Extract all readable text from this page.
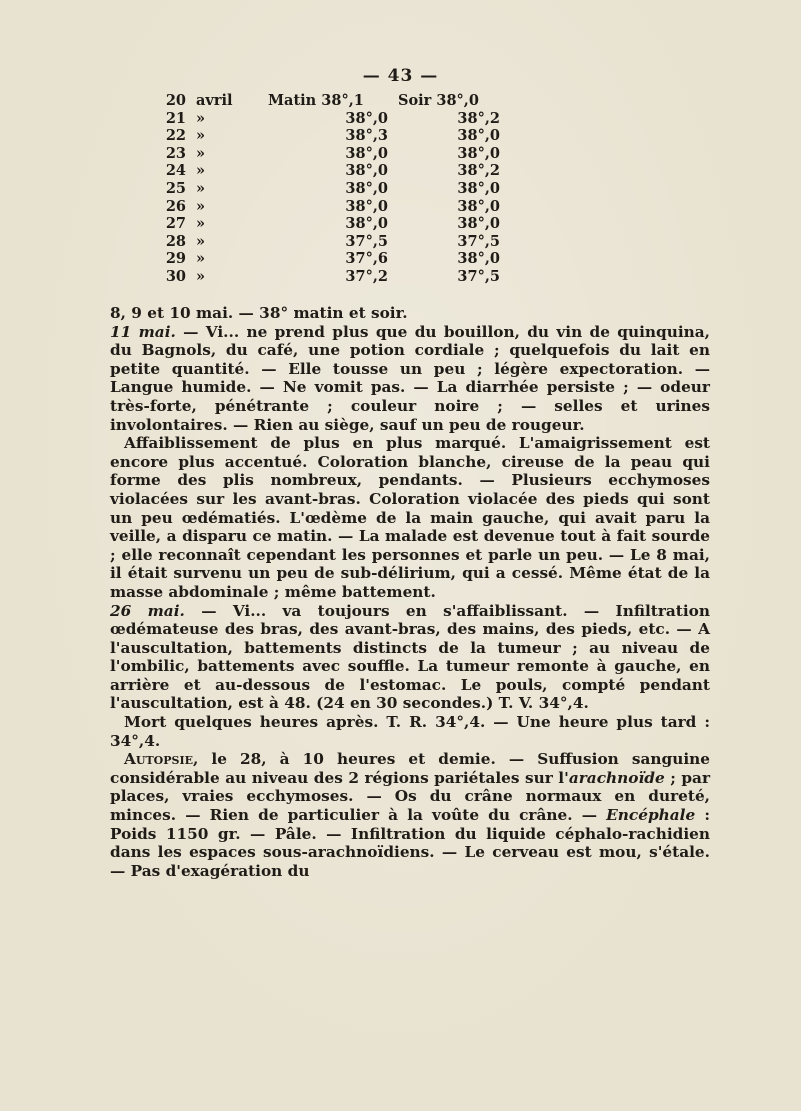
— 43 —
20 avril Matin 38°,1 Soir 38°,0
21 »	38°,0	38°,2
22 »	38°,3	38°,0
23 »	38°,0	38°,0
24 »	38°,0	38°,2
25 »	38°,0	38°,0
26 »	38°,0	38°,0
27 »	38°,0	38°,0
28 »	37°,5	37°,5
29 »	37°,6	38°,0
30 »	37°,2	37°,5

8, 9 et 10 mai. — 38° matin et soir.

11 mai. — Vi... ne prend plus que du bouillon, du vin de quinquina, du Bagnols, du café, une potion cordiale ; quelquefois du lait en petite quantité. — Elle tousse un peu ; légère expectoration. — Langue humide. — Ne vomit pas. — La diarrhée persiste ; — odeur très-forte, pénétrante ; couleur noire ; — selles et urines involontaires. — Rien au siège, sauf un peu de rougeur.

Affaiblissement de plus en plus marqué. L'amaigrissement est encore plus accentué. Coloration blanche, cireuse de la peau qui forme des plis nombreux, pendants. — Plusieurs ecchymoses violacées sur les avant-bras. Coloration violacée des pieds qui sont un peu œdématiés. L'œdème de la main gauche, qui avait paru la veille, a disparu ce matin. — La malade est devenue tout à fait sourde ; elle reconnaît cependant les personnes et parle un peu. — Le 8 mai, il était survenu un peu de sub-délirium, qui a cessé. Même état de la masse abdominale ; même battement.

26 mai. — Vi... va toujours en s'affaiblissant. — Infiltration œdémateuse des bras, des avant-bras, des mains, des pieds, etc. — A l'auscultation, battements distincts de la tumeur ; au niveau de l'ombilic, battements avec souffle. La tumeur remonte à gauche, en arrière et au-dessous de l'estomac. Le pouls, compté pendant l'auscultation, est à 48. (24 en 30 secondes.) T. V. 34°,4.

Mort quelques heures après. T. R. 34°,4. — Une heure plus tard : 34°,4.

Autopsie, le 28, à 10 heures et demie. — Suffusion sanguine considérable au niveau des 2 régions pariétales sur l'arachnoïde ; par places, vraies ecchymoses. — Os du crâne normaux en dureté, minces. — Rien de particulier à la voûte du crâne. — Encéphale : Poids 1150 gr. — Pâle. — Infiltration du liquide céphalo-rachidien dans les espaces sous-arachnoïdiens. — Le cerveau est mou, s'étale. — Pas d'exagération du
